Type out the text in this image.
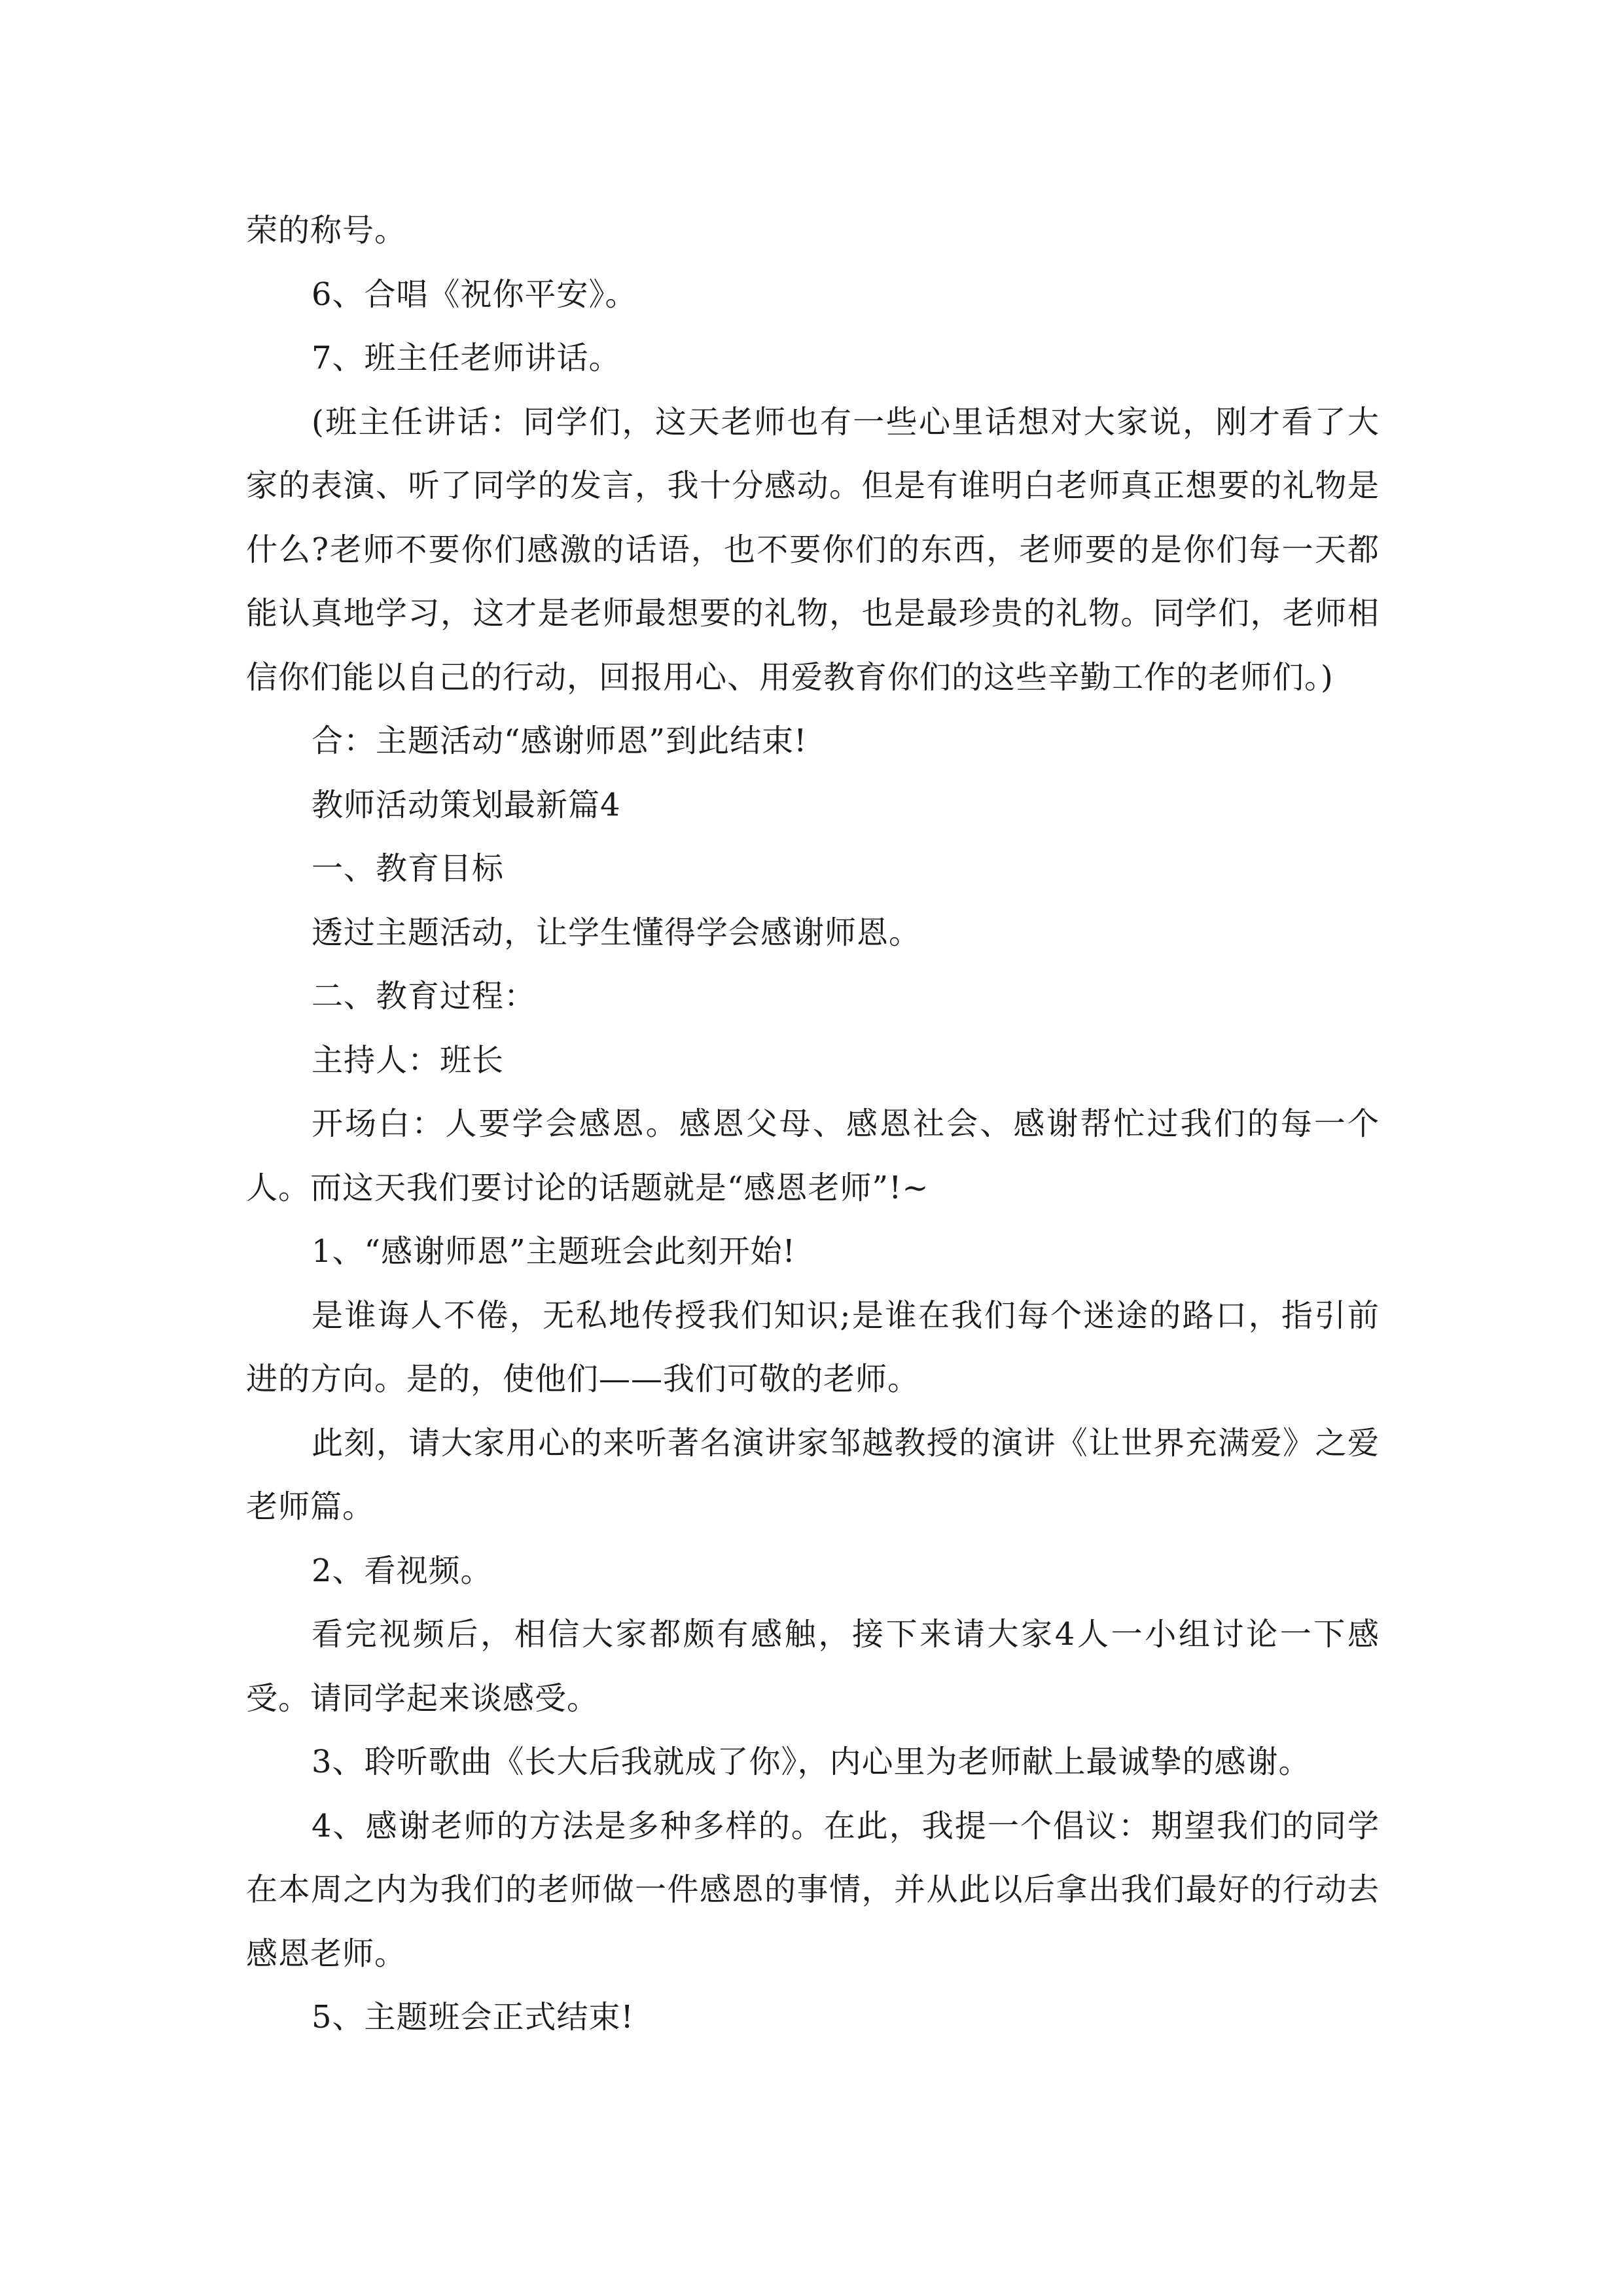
荣的称号。

6、合唱《祝你平安》。

7、班主任老师讲话。

(班主任讲话：同学们，这天老师也有一些心里话想对大家说，刚才看了大家的表演、听了同学的发言，我十分感动。但是有谁明白老师真正想要的礼物是什么?老师不要你们感激的话语，也不要你们的东西，老师要的是你们每一天都能认真地学习，这才是老师最想要的礼物，也是最珍贵的礼物。同学们，老师相信你们能以自己的行动，回报用心、用爱教育你们的这些辛勤工作的老师们。)

合：主题活动“感谢师恩”到此结束!

教师活动策划最新篇4

一、教育目标

透过主题活动，让学生懂得学会感谢师恩。

二、教育过程：

主持人：班长

开场白：人要学会感恩。感恩父母、感恩社会、感谢帮忙过我们的每一个人。而这天我们要讨论的话题就是“感恩老师”!~

1、“感谢师恩”主题班会此刻开始!

是谁诲人不倦，无私地传授我们知识;是谁在我们每个迷途的路口，指引前进的方向。是的，使他们——我们可敬的老师。

此刻，请大家用心的来听著名演讲家邹越教授的演讲《让世界充满爱》之爱老师篇。

2、看视频。

看完视频后，相信大家都颇有感触，接下来请大家4人一小组讨论一下感受。请同学起来谈感受。

3、聆听歌曲《长大后我就成了你》，内心里为老师献上最诚挚的感谢。

4、感谢老师的方法是多种多样的。在此，我提一个倡议：期望我们的同学在本周之内为我们的老师做一件感恩的事情，并从此以后拿出我们最好的行动去感恩老师。

5、主题班会正式结束!
